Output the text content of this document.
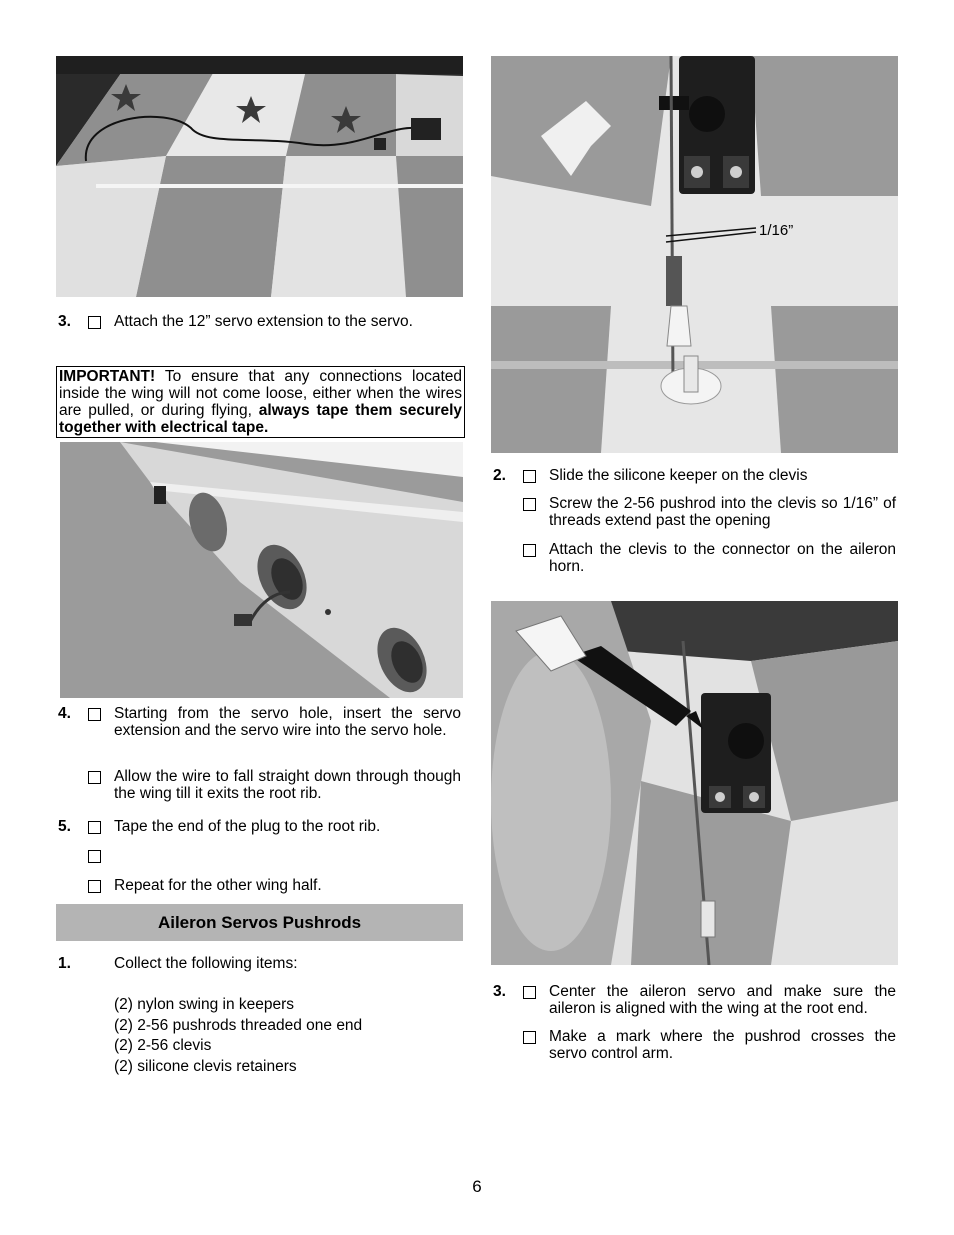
3.	Attach the 12” servo extension to the servo.
IMPORTANT! To ensure that any connections located inside the wing will not come loose, either when the wires are pulled, or during flying, always tape them securely together with electrical tape.
4.	Starting from the servo hole, insert the servo extension and the servo wire into the servo hole.
Allow the wire to fall straight down through though the wing till it exits the root rib.
5.	Tape the end of the plug to the root rib.
Repeat for the other wing half.
Aileron Servos Pushrods
1.	Collect the following items:
(2) nylon swing in keepers
(2) 2-56 pushrods threaded one end
(2) 2-56 clevis
(2) silicone clevis retainers
1/16”
2.	Slide the silicone keeper on the clevis
Screw the 2-56 pushrod into the clevis so 1/16” of threads extend past the opening
Attach the clevis to the connector on the aileron horn.
3.	Center the aileron servo and make sure the aileron is aligned with the wing at the root end.
Make a mark where the pushrod crosses the servo control arm.
6
